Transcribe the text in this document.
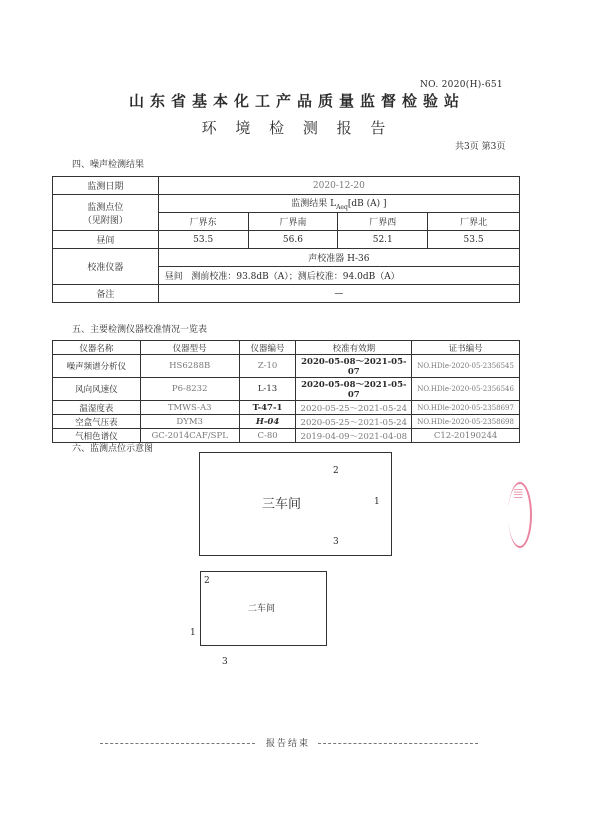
NO. 2020(H)-651
山东省基本化工产品质量监督检验站
环 境 检 测 报 告
共3页 第3页
四、噪声检测结果
监测日期	2020-12-20			

监测点位
（见附图）	监测结果 $L_{Aeq}[dB$ (A) ]			
	厂界东	厂界南	厂界西	厂界北
昼间	53.5	56.6	52.1	53.5
校准仪器	声校准器 H-36			
	昼间 测前校准：93.8dB（A）；测后校准：94.0dB（A）			
备注	—			
五、主要检测仪器校准情况一览表
仪器名称	仪器型号	仪器编号	校准有效期	证书编号
噪声频谱分析仪	HS6288B	Z-10	2020-05-08～2021-05-07	NO.HDle-2020-05-2356545
风向风速仪	P6-8232	L-13	2020-05-08～2021-05-07	NO.HDle-2020-05-2356546
温湿度表	TMWS-A3	T-47-1	2020-05-25～2021-05-24	NO.HDle-2020-05-2358697
空盒气压表	DYM3	H-04	2020-05-25～2021-05-24	NO.HDle-2020-05-2358698
气相色谱仪	GC-2014CAF/SPL	C-80	2019-04-09～2021-04-08	C12-20190244
六、监测点位示意图
三车间
2
1
3
二车间
2
1
3
报告结束
||||
